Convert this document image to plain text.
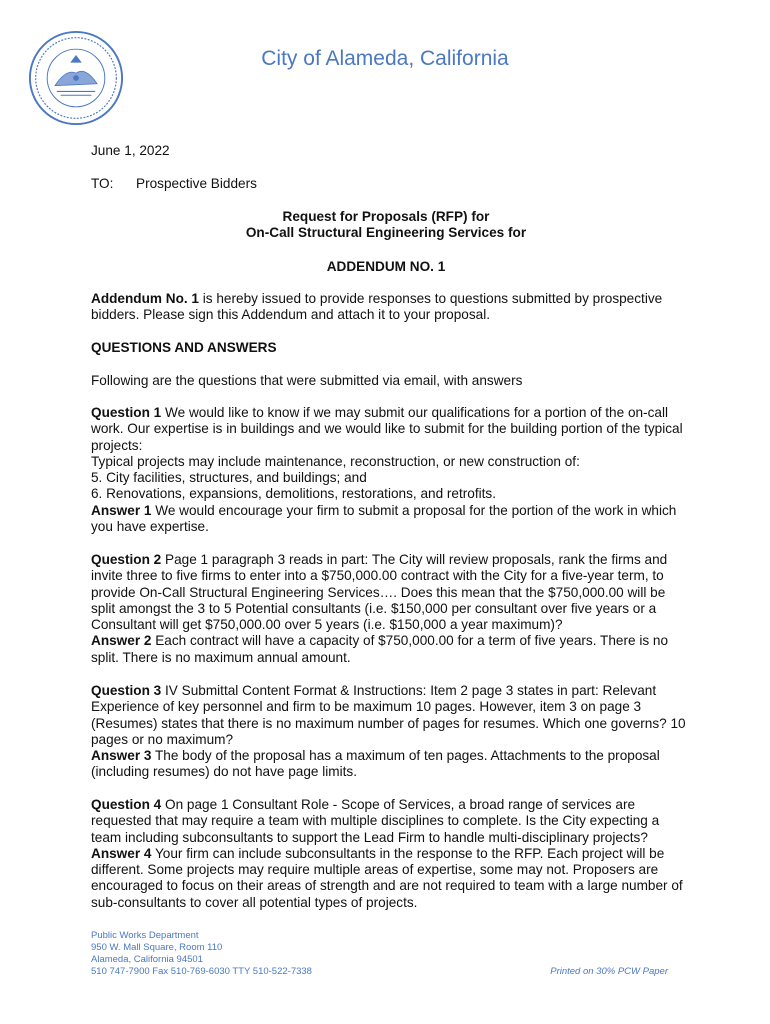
City of Alameda, California
June 1, 2022
TO: Prospective Bidders
Request for Proposals (RFP) for
On-Call Structural Engineering Services for
ADDENDUM NO. 1

Addendum No. 1 is hereby issued to provide responses to questions submitted by prospective bidders. Please sign this Addendum and attach it to your proposal.

QUESTIONS AND ANSWERS
Following are the questions that were submitted via email, with answers

Question 1 We would like to know if we may submit our qualifications for a portion of the on-call work. Our expertise is in buildings and we would like to submit for the building portion of the typical projects:

Typical projects may include maintenance, reconstruction, or new construction of:

5. City facilities, structures, and buildings; and

6. Renovations, expansions, demolitions, restorations, and retrofits.

Answer 1 We would encourage your firm to submit a proposal for the portion of the work in which you have expertise.

Question 2 Page 1 paragraph 3 reads in part: The City will review proposals, rank the firms and invite three to five firms to enter into a $750,000.00 contract with the City for a five-year term, to provide On-Call Structural Engineering Services…. Does this mean that the $750,000.00 will be split amongst the 3 to 5 Potential consultants (i.e. $150,000 per consultant over five years or a Consultant will get $750,000.00 over 5 years (i.e. $150,000 a year maximum)?

Answer 2 Each contract will have a capacity of $750,000.00 for a term of five years. There is no split. There is no maximum annual amount.

Question 3 IV Submittal Content Format & Instructions: Item 2 page 3 states in part: Relevant Experience of key personnel and firm to be maximum 10 pages. However, item 3 on page 3 (Resumes) states that there is no maximum number of pages for resumes. Which one governs? 10 pages or no maximum?

Answer 3 The body of the proposal has a maximum of ten pages. Attachments to the proposal (including resumes) do not have page limits.

Question 4 On page 1 Consultant Role - Scope of Services, a broad range of services are requested that may require a team with multiple disciplines to complete. Is the City expecting a team including subconsultants to support the Lead Firm to handle multi-disciplinary projects?

Answer 4 Your firm can include subconsultants in the response to the RFP. Each project will be different. Some projects may require multiple areas of expertise, some may not. Proposers are encouraged to focus on their areas of strength and are not required to team with a large number of sub-consultants to cover all potential types of projects.

Public Works Department
950 W. Mall Square, Room 110
Alameda, California 94501
510 747-7900 Fax 510-769-6030 TTY 510-522-7338	Printed on 30% PCW Paper
